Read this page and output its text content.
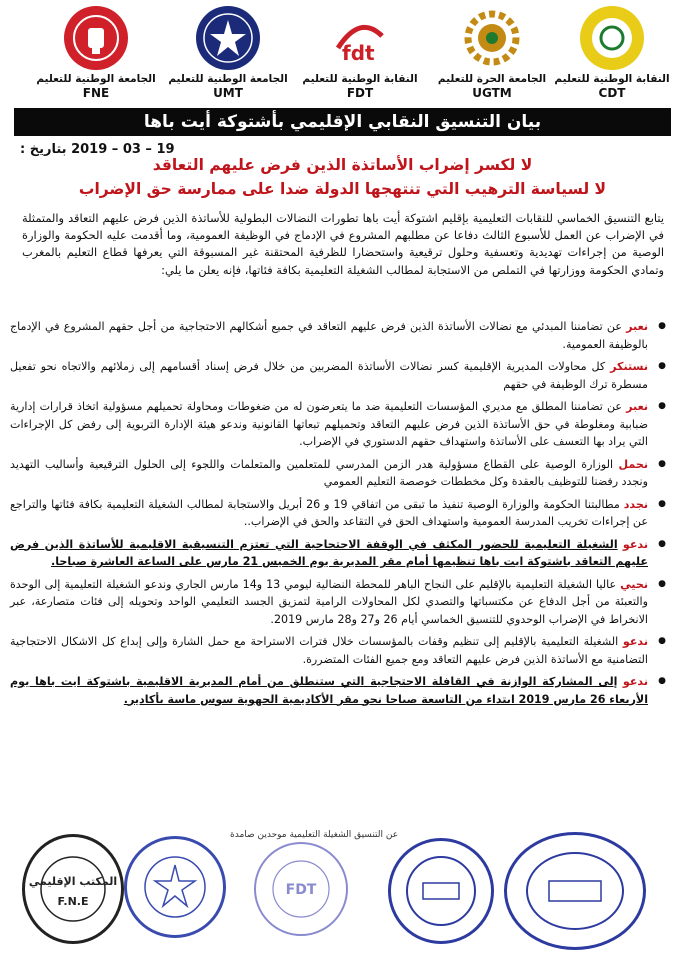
الجامعة الوطنية للتعليم
FNE
الجامعة الوطنية للتعليم
UMT
fdt
النقابة الوطنية للتعليم
FDT
الجامعة الحرة للتعليم
UGTM
النقابة الوطنية للتعليم
CDT
بيان التنسيق النقابي الإقليمي بأشتوكة أيت باها
19 – 03 – 2019 بتاريخ :
لا لكسر إضراب الأساتذة الذين فرض عليهم التعاقد
لا لسياسة الترهيب التي تنتهجها الدولة ضدا على ممارسة حق الإضراب
يتابع التنسيق الخماسي للنقابات التعليمية بإقليم اشتوكة أيت باها تطورات النضالات البطولية للأساتذة الذين فرض عليهم التعاقد والمتمثلة في الإضراب عن العمل للأسبوع الثالث دفاعا عن مطلبهم المشروع في الإدماج في الوظيفة العمومية، وما أقدمت عليه الحكومة والوزارة الوصية من إجراءات تهديدية وتعسفية وحلول ترقيعية واستحضارا للظرفية المحتقنة غير المسبوقة التي يعرفها قطاع التعليم بالمغرب وتمادي الحكومة ووزارتها في التملص من الاستجابة لمطالب الشغيلة التعليمية بكافة فئاتها، فإنه يعلن ما يلي:
● نعبر عن تضامننا المبدئي مع نضالات الأساتذة الذين فرض عليهم التعاقد في جميع أشكالهم الاحتجاجية من أجل حقهم المشروع في الإدماج بالوظيفة العمومية.
● نستنكر كل محاولات المديرية الإقليمية كسر نضالات الأساتذة المضربين من خلال فرض إسناد أقسامهم إلى زملائهم والاتجاه نحو تفعيل مسطرة ترك الوظيفة في حقهم
● نعبر عن تضامننا المطلق مع مديري المؤسسات التعليمية ضد ما يتعرضون له من ضغوطات ومحاولة تحميلهم مسؤولية اتخاذ قرارات إدارية ضبابية ومغلوطة في حق الأساتذة الذين فرض عليهم التعاقد وتحميلهم تبعاتها القانونية وندعو هيئة الإدارة التربوية إلى رفض كل الإجراءات التي يراد بها التعسف على الأساتذة واستهداف حقهم الدستوري في الإضراب.
● نحمل الوزارة الوصية على القطاع مسؤولية هدر الزمن المدرسي للمتعلمين والمتعلمات واللجوء إلى الحلول الترقيعية وأساليب التهديد ونجدد رفضنا للتوظيف بالعقدة وكل مخططات خوصصة التعليم العمومي
● نجدد مطالبتنا الحكومة والوزارة الوصية تنفيذ ما تبقى من اتفاقي 19 و 26 أبريل والاستجابة لمطالب الشغيلة التعليمية بكافة فئاتها والتراجع عن إجراءات تخريب المدرسة العمومية واستهداف الحق في التقاعد والحق في الإضراب..
● ندعو الشغيلة التعليمية للحضور المكثف في الوقفة الاحتجاجية التي تعتزم التنسيقية الاقليمية للأساتذة الذين فرض عليهم التعاقد باشتوكة ايت باها تنظيمها أمام مقر المديرية يوم الخميس 21 مارس على الساعة العاشرة صباحا.
● نحيي عاليا الشغيلة التعليمية بالإقليم على النجاح الباهر للمحطة النضالية ليومي 13 و14 مارس الجاري وندعو الشغيلة التعليمية إلى الوحدة والتعبئة من أجل الدفاع عن مكتسباتها والتصدي لكل المحاولات الرامية لتمزيق الجسد التعليمي الواحد وتحويله إلى فئات متصارعة، عبر الانخراط في الإضراب الوحدوي للتنسيق الخماسي أيام 26 و27 و28 مارس 2019.
● ندعو الشغيلة التعليمية بالإقليم إلى تنظيم وقفات بالمؤسسات خلال فترات الاستراحة مع حمل الشارة وإلى إبداع كل الاشكال الاحتجاجية التضامنية مع الأساتذة الذين فرض عليهم التعاقد ومع جميع الفئات المتضررة.
● ندعو إلى المشاركة الوازنة في القافلة الاحتجاجية التي ستنطلق من أمام المديرية الاقليمية باشتوكة ايت باها يوم الأربعاء 26 مارس 2019 ابتداء من التاسعة صباحا نحو مقر الأكاديمية الجهوية سوس ماسة بأكادير.
المكتب الإقليمي
F.N.E
عن التنسيق الشغيلة التعليمية موحدين صامدة
FDT
